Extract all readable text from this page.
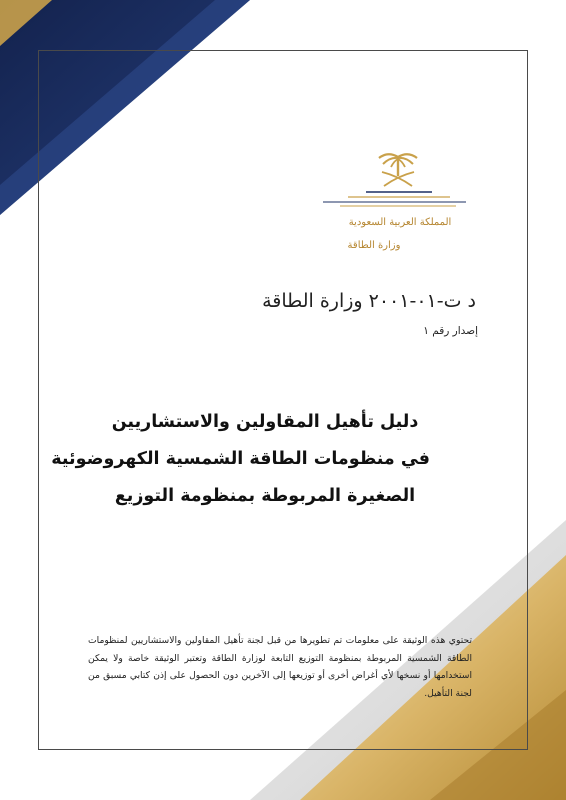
المملكة العربية السعودية
وزارة الطاقة
د ت-٠١-٢٠٠١ وزارة الطاقة
إصدار رقم ١
دليل تأهيل المقاولين والاستشاريين
في منظومات الطاقة الشمسية الكهروضوئية
الصغيرة المربوطة بمنظومة التوزيع
تحتوي هذه الوثيقة على معلومات تم تطويرها من قبل لجنة تأهيل المقاولين والاستشاريين لمنظومات الطاقة الشمسية المربوطة بمنظومة التوزيع التابعة لوزارة الطاقة وتعتبر الوثيقة خاصة ولا يمكن استخدامها أو نسخها لأي أغراض أخرى أو توزيعها إلى الآخرين دون الحصول على إذن كتابي مسبق من لجنة التأهيل.
